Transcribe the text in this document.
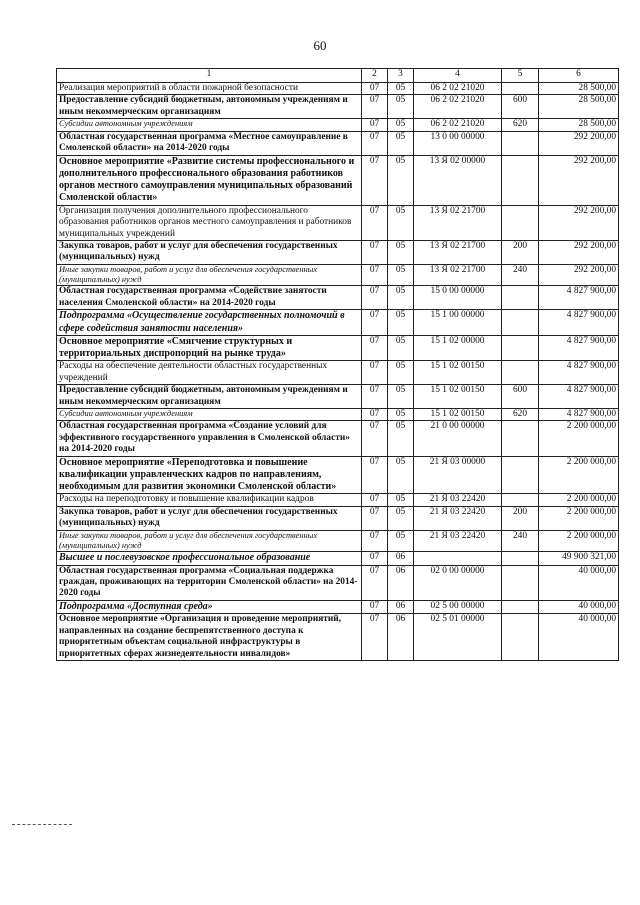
60
1	2	3	4	5	6
Реализация мероприятий в области пожарной безопасности	07	05	06 2 02 21020		28 500,00
Предоставление субсидий бюджетным, автономным учреждениям и иным некоммерческим организациям	07	05	06 2 02 21020	600	28 500,00
Субсидии автономным учреждениям	07	05	06 2 02 21020	620	28 500,00
Областная государственная программа «Местное самоуправление в Смоленской области» на 2014-2020 годы	07	05	13 0 00 00000		292 200,00
Основное мероприятие «Развитие системы профессионального и дополнительного профессионального образования работников органов местного самоуправления муниципальных образований Смоленской области»	07	05	13 Я 02 00000		292 200,00
Организация получения дополнительного профессионального образования работников органов местного самоуправления и работников муниципальных учреждений	07	05	13 Я 02 21700		292 200,00
Закупка товаров, работ и услуг для обеспечения государственных (муниципальных) нужд	07	05	13 Я 02 21700	200	292 200,00
Иные закупки товаров, работ и услуг для обеспечения государственных (муниципальных) нужд	07	05	13 Я 02 21700	240	292 200,00
Областная государственная программа «Содействие занятости населения Смоленской области» на 2014-2020 годы	07	05	15 0 00 00000		4 827 900,00
Подпрограмма «Осуществление государственных полномочий в сфере содействия занятости населения»	07	05	15 1 00 00000		4 827 900,00
Основное мероприятие «Смягчение структурных и территориальных диспропорций на рынке труда»	07	05	15 1 02 00000		4 827 900,00
Расходы на обеспечение деятельности областных государственных учреждений	07	05	15 1 02 00150		4 827 900,00
Предоставление субсидий бюджетным, автономным учреждениям и иным некоммерческим организациям	07	05	15 1 02 00150	600	4 827 900,00
Субсидии автономным учреждениям	07	05	15 1 02 00150	620	4 827 900,00
Областная государственная программа «Создание условий для эффективного государственного управления в Смоленской области» на 2014-2020 годы	07	05	21 0 00 00000		2 200 000,00
Основное мероприятие «Переподготовка и повышение квалификации управленческих кадров по направлениям, необходимым для развития экономики Смоленской области»	07	05	21 Я 03 00000		2 200 000,00
Расходы на переподготовку и повышение квалификации кадров	07	05	21 Я 03 22420		2 200 000,00
Закупка товаров, работ и услуг для обеспечения государственных (муниципальных) нужд	07	05	21 Я 03 22420	200	2 200 000,00
Иные закупки товаров, работ и услуг для обеспечения государственных (муниципальных) нужд	07	05	21 Я 03 22420	240	2 200 000,00
Высшее и послевузовское профессиональное образование	07	06			49 900 321,00
Областная государственная программа «Социальная поддержка граждан, проживающих на территории Смоленской области» на 2014-2020 годы	07	06	02 0 00 00000		40 000,00
Подпрограмма «Доступная среда»	07	06	02 5 00 00000		40 000,00
Основное мероприятие «Организация и проведение мероприятий, направленных на создание беспрепятственного доступа к приоритетным объектам социальной инфраструктуры в приоритетных сферах жизнедеятельности инвалидов»	07	06	02 5 01 00000		40 000,00
